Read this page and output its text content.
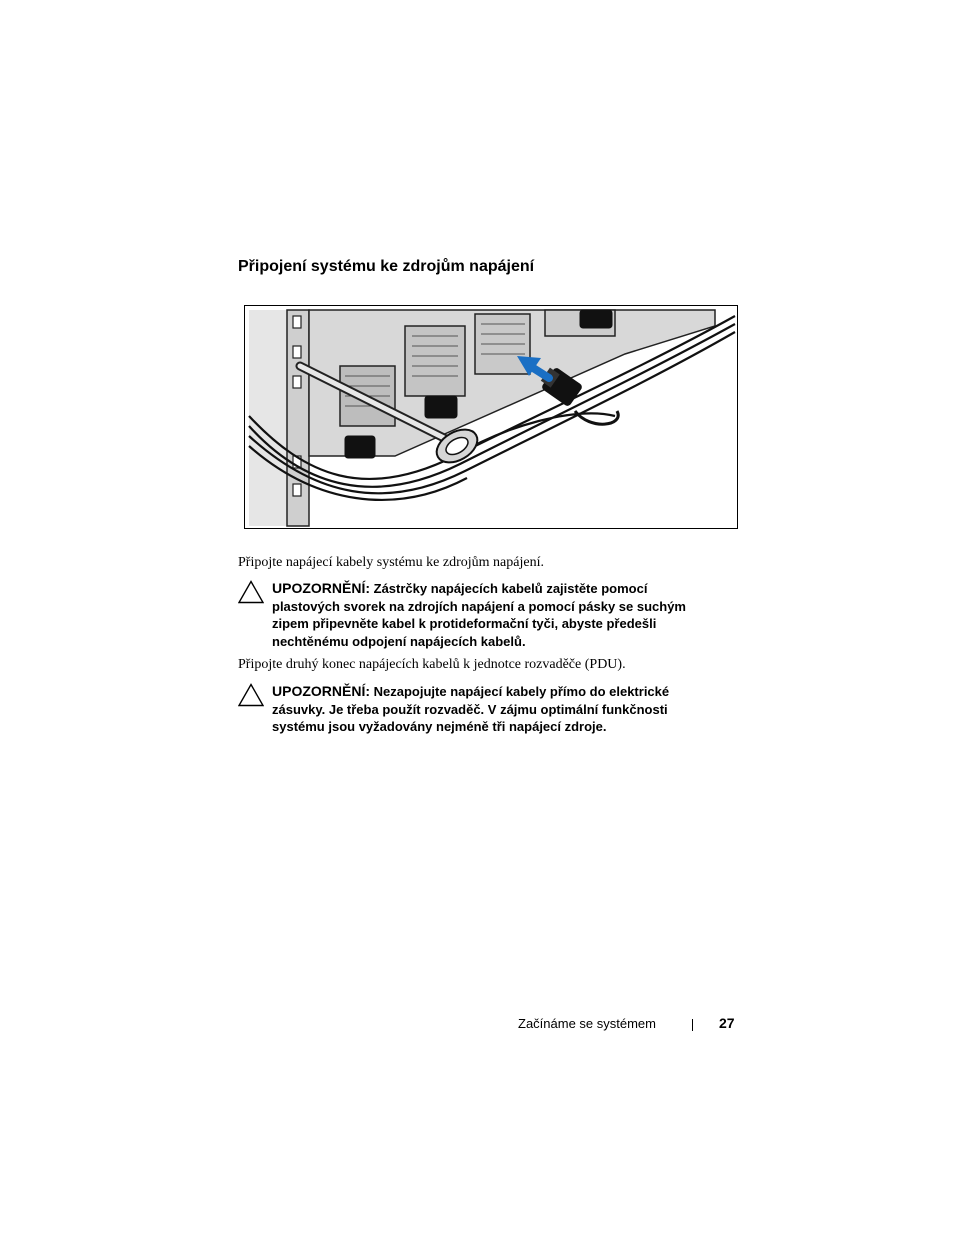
Připojení systému ke zdrojům napájení
Připojte napájecí kabely systému ke zdrojům napájení.
UPOZORNĚNÍ: Zástrčky napájecích kabelů zajistěte pomocí
plastových svorek na zdrojích napájení a pomocí pásky se suchým
zipem připevněte kabel k protideformační tyči, abyste předešli
nechtěnému odpojení napájecích kabelů.
Připojte druhý konec napájecích kabelů k jednotce rozvaděče (PDU).
UPOZORNĚNÍ: Nezapojujte napájecí kabely přímo do elektrické
zásuvky. Je třeba použít rozvaděč. V zájmu optimální funkčnosti
systému jsou vyžadovány nejméně tři napájecí zdroje.
Začínáme se systémem	27
